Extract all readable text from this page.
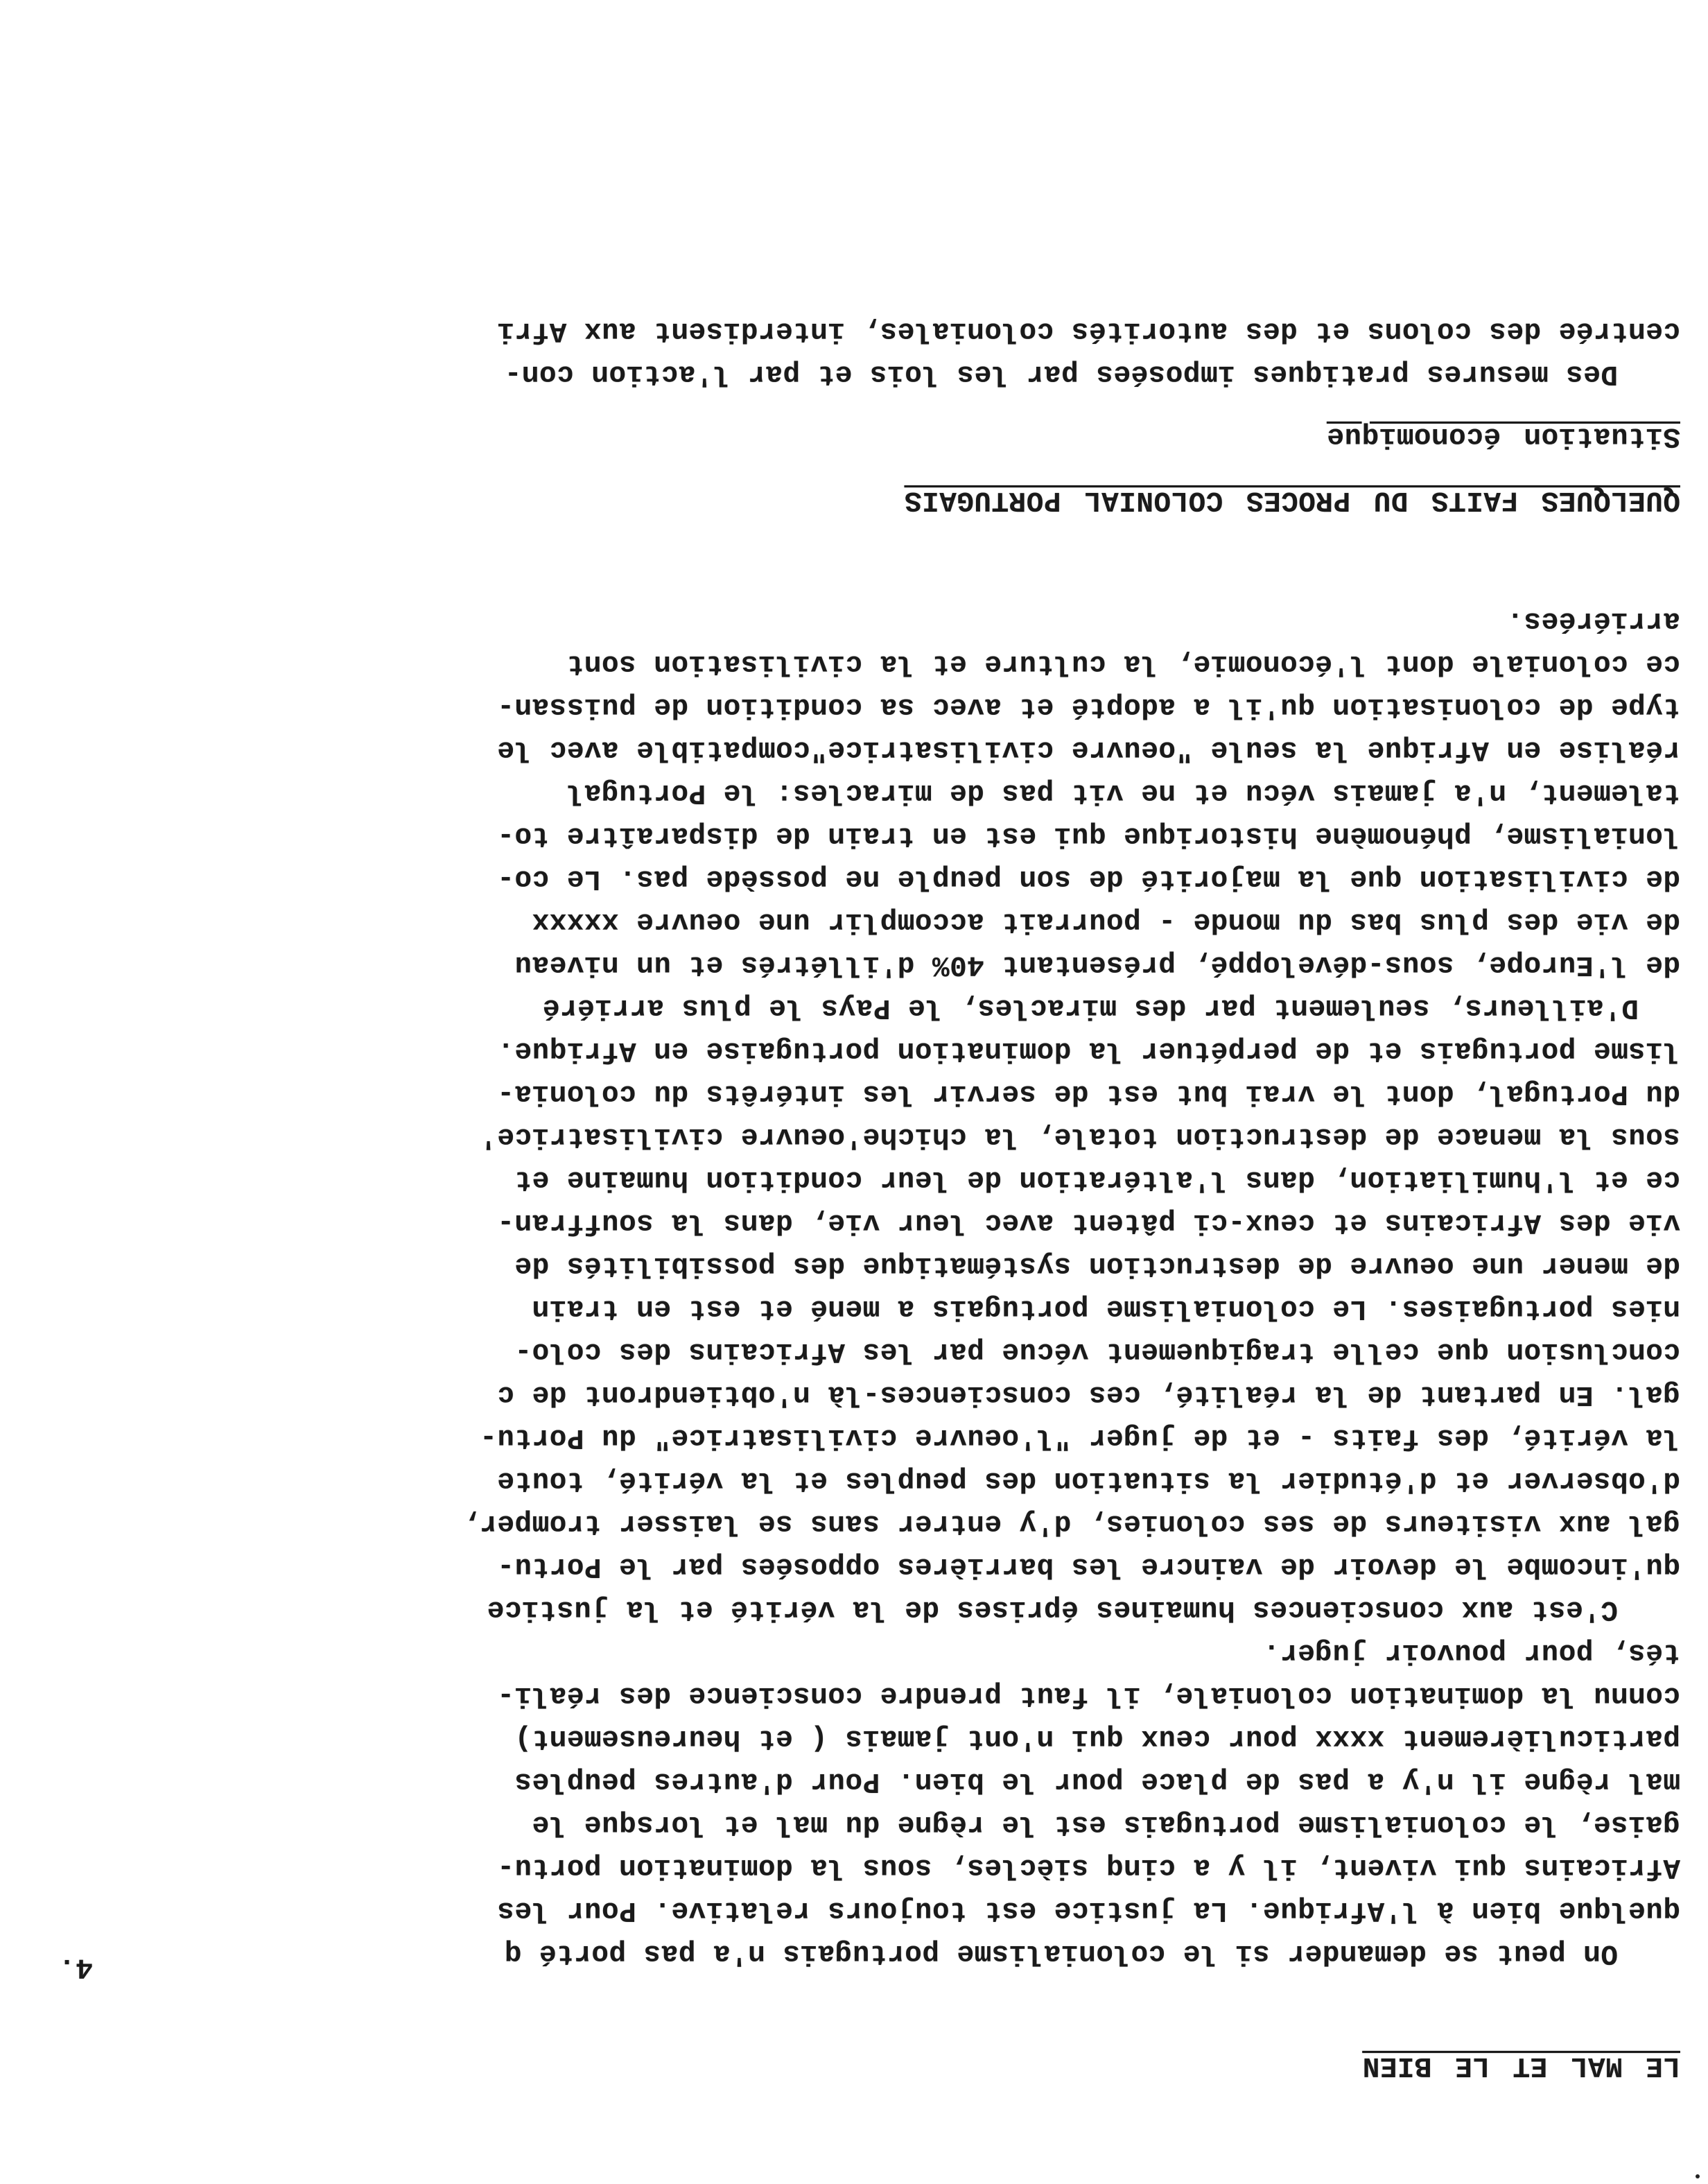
4.
LE MAL ET LE BIEN
On peut se demander si le colonialisme portugais n'a pas porté q
quelque bien à l'Afrique. La justice est toujours relative. Pour les
Africains qui vivent, il y a cinq siècles, sous la domination portu-
gaise, le colonialisme portugais est le règne du mal et lorsque le
mal règne il n'y a pas de place pour le bien. Pour d'autres peuples
particulièrement xxxx pour ceux qui n'ont jamais ( et heureusement)
connu la domination coloniale, il faut prendre conscience des réali-
tés, pour pouvoir juger.
C'est aux consciences humaines éprises de la vérité et la justice
qu'incombe le devoir de vaincre les barrières opposées par le Portu-
gal aux visiteurs de ses colonies, d'y entrer sans se laisser tromper,
d'observer et d'étudier la situation des peuples et la vérité, toute
la vérité, des faits - et de juger "l'oeuvre civilisatrice" du Portu-
gal. En partant de la réalité, ces consciences-là n'obtiendront de c
conclusion que celle tragiquement vécue par les Africains des colo-
nies portugaises. Le colonialisme portugais a mené et est en train
de mener une oeuvre de destruction systématique des possibilités de
vie des Africains et ceux-ci pâtent avec leur vie, dans la souffran-
ce et l'humiliation, dans l'altération de leur condition humaine et
sous la menace de destruction totale, la chiche'oeuvre civilisatrice'
du Portugal, dont le vrai but est de servir les intérêts du colonia-
lisme portugais et de perpétuer la domination portugaise en Afrique.
D'ailleurs, seulement par des miracles, le Pays le plus arriéré
de l'Europe, sous-développé, présentant 40% d'illétrés et un niveau
de vie des plus bas du monde - pourrait accomplir une oeuvre xxxxx
de civilisation que la majorité de son peuple ne possède pas. Le co-
lonialisme, phénomène historique qui est en train de disparaître to-
talement, n'a jamais vécu et ne vit pas de miracles: le Portugal
réalise en Afrique la seule "oeuvre civilisatrice"compatible avec le
type de colonisation qu'il a adopté et avec sa condition de puissan-
ce coloniale dont l'économie, la culture et la civilisation sont
arriérées.
QUELQUES FAITS DU PROCES COLONIAL PORTUGAIS
Situation économique
Des mesures pratiques imposées par les lois et par l'action con-
centrée des colons et des autorités coloniales, interdisent aux Afri
